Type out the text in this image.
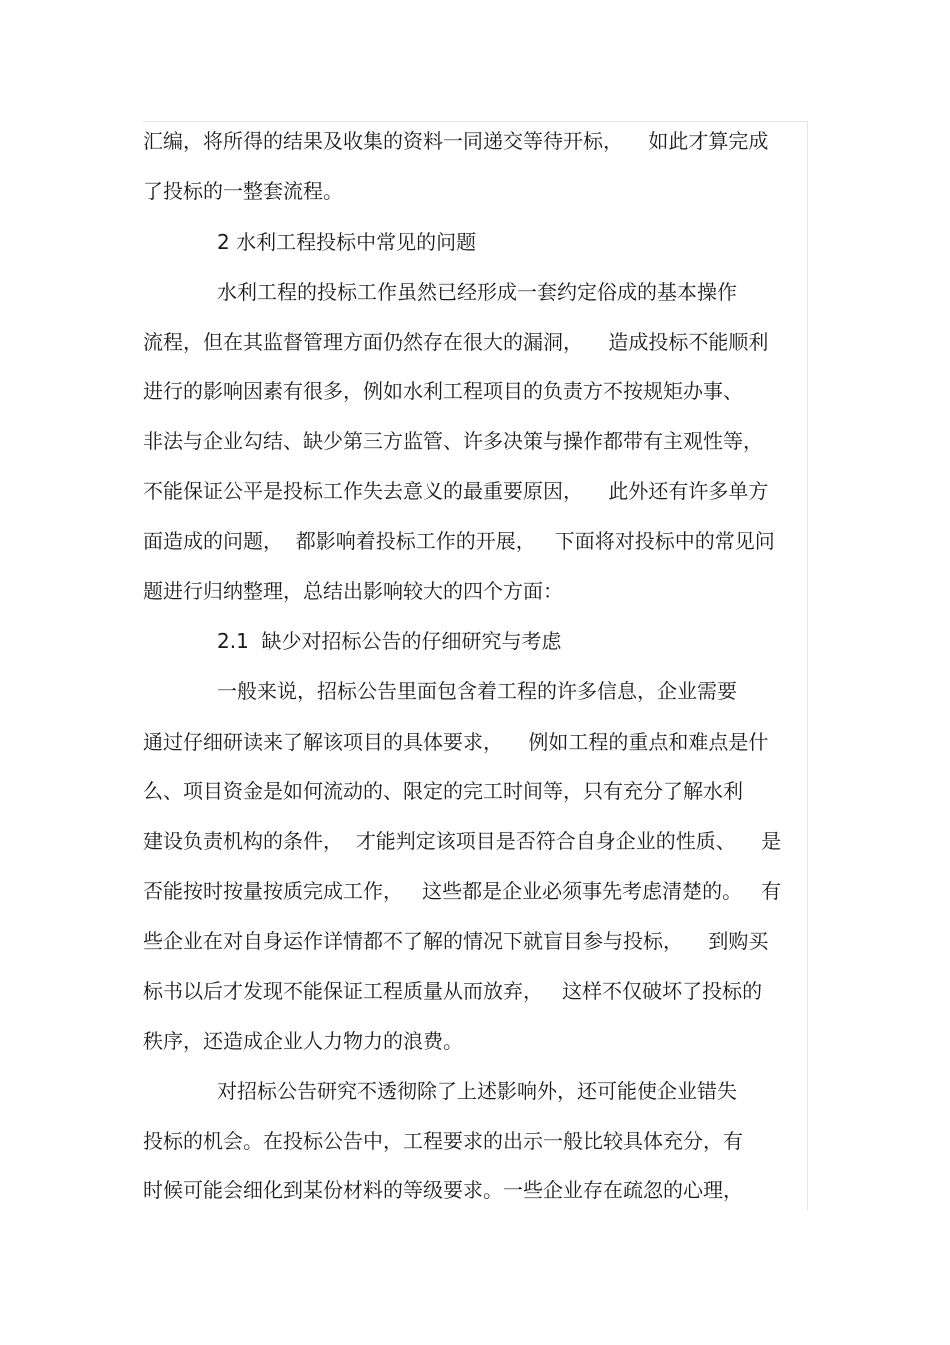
汇编，将所得的结果及收集的资料一同递交等待开标，    如此才算完成
了投标的一整套流程。
2 水利工程投标中常见的问题
水利工程的投标工作虽然已经形成一套约定俗成的基本操作
流程，但在其监督管理方面仍然存在很大的漏洞，    造成投标不能顺利
进行的影响因素有很多，例如水利工程项目的负责方不按规矩办事、
非法与企业勾结、缺少第三方监管、许多决策与操作都带有主观性等，
不能保证公平是投标工作失去意义的最重要原因，    此外还有许多单方
面造成的问题，  都影响着投标工作的开展，   下面将对投标中的常见问
题进行归纳整理，总结出影响较大的四个方面：
2.1  缺少对招标公告的仔细研究与考虑
一般来说，招标公告里面包含着工程的许多信息，企业需要
通过仔细研读来了解该项目的具体要求，    例如工程的重点和难点是什
么、项目资金是如何流动的、限定的完工时间等，只有充分了解水利
建设负责机构的条件，  才能判定该项目是否符合自身企业的性质、    是
否能按时按量按质完成工作，   这些都是企业必须事先考虑清楚的。   有
些企业在对自身运作详情都不了解的情况下就盲目参与投标，    到购买
标书以后才发现不能保证工程质量从而放弃，   这样不仅破坏了投标的
秩序，还造成企业人力物力的浪费。
对招标公告研究不透彻除了上述影响外，还可能使企业错失
投标的机会。在投标公告中，工程要求的出示一般比较具体充分，有
时候可能会细化到某份材料的等级要求。一些企业存在疏忽的心理，
